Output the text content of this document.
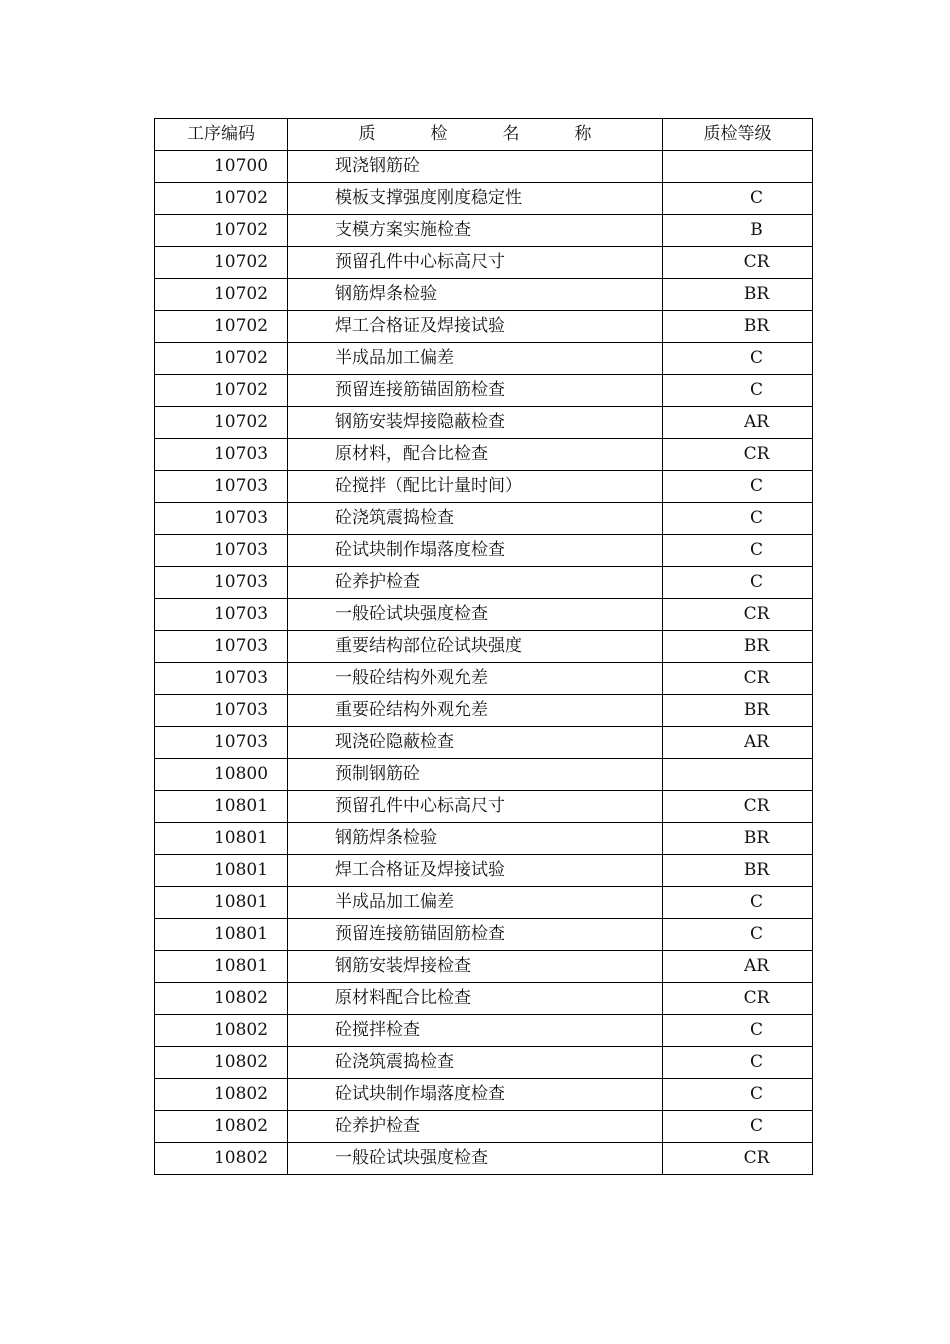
工序编码	质 检 名 称	质检等级
10700	现浇钢筋砼	
10702	模板支撑强度刚度稳定性	C
10702	支模方案实施检查	B
10702	预留孔件中心标高尺寸	CR
10702	钢筋焊条检验	BR
10702	焊工合格证及焊接试验	BR
10702	半成品加工偏差	C
10702	预留连接筋锚固筋检查	C
10702	钢筋安装焊接隐蔽检查	AR
10703	原材料，配合比检查	CR
10703	砼搅拌（配比计量时间）	C
10703	砼浇筑震捣检查	C
10703	砼试块制作塌落度检查	C
10703	砼养护检查	C
10703	一般砼试块强度检查	CR
10703	重要结构部位砼试块强度	BR
10703	一般砼结构外观允差	CR
10703	重要砼结构外观允差	BR
10703	现浇砼隐蔽检查	AR
10800	预制钢筋砼	
10801	预留孔件中心标高尺寸	CR
10801	钢筋焊条检验	BR
10801	焊工合格证及焊接试验	BR
10801	半成品加工偏差	C
10801	预留连接筋锚固筋检查	C
10801	钢筋安装焊接检查	AR
10802	原材料配合比检查	CR
10802	砼搅拌检查	C
10802	砼浇筑震捣检查	C
10802	砼试块制作塌落度检查	C
10802	砼养护检查	C
10802	一般砼试块强度检查	CR
